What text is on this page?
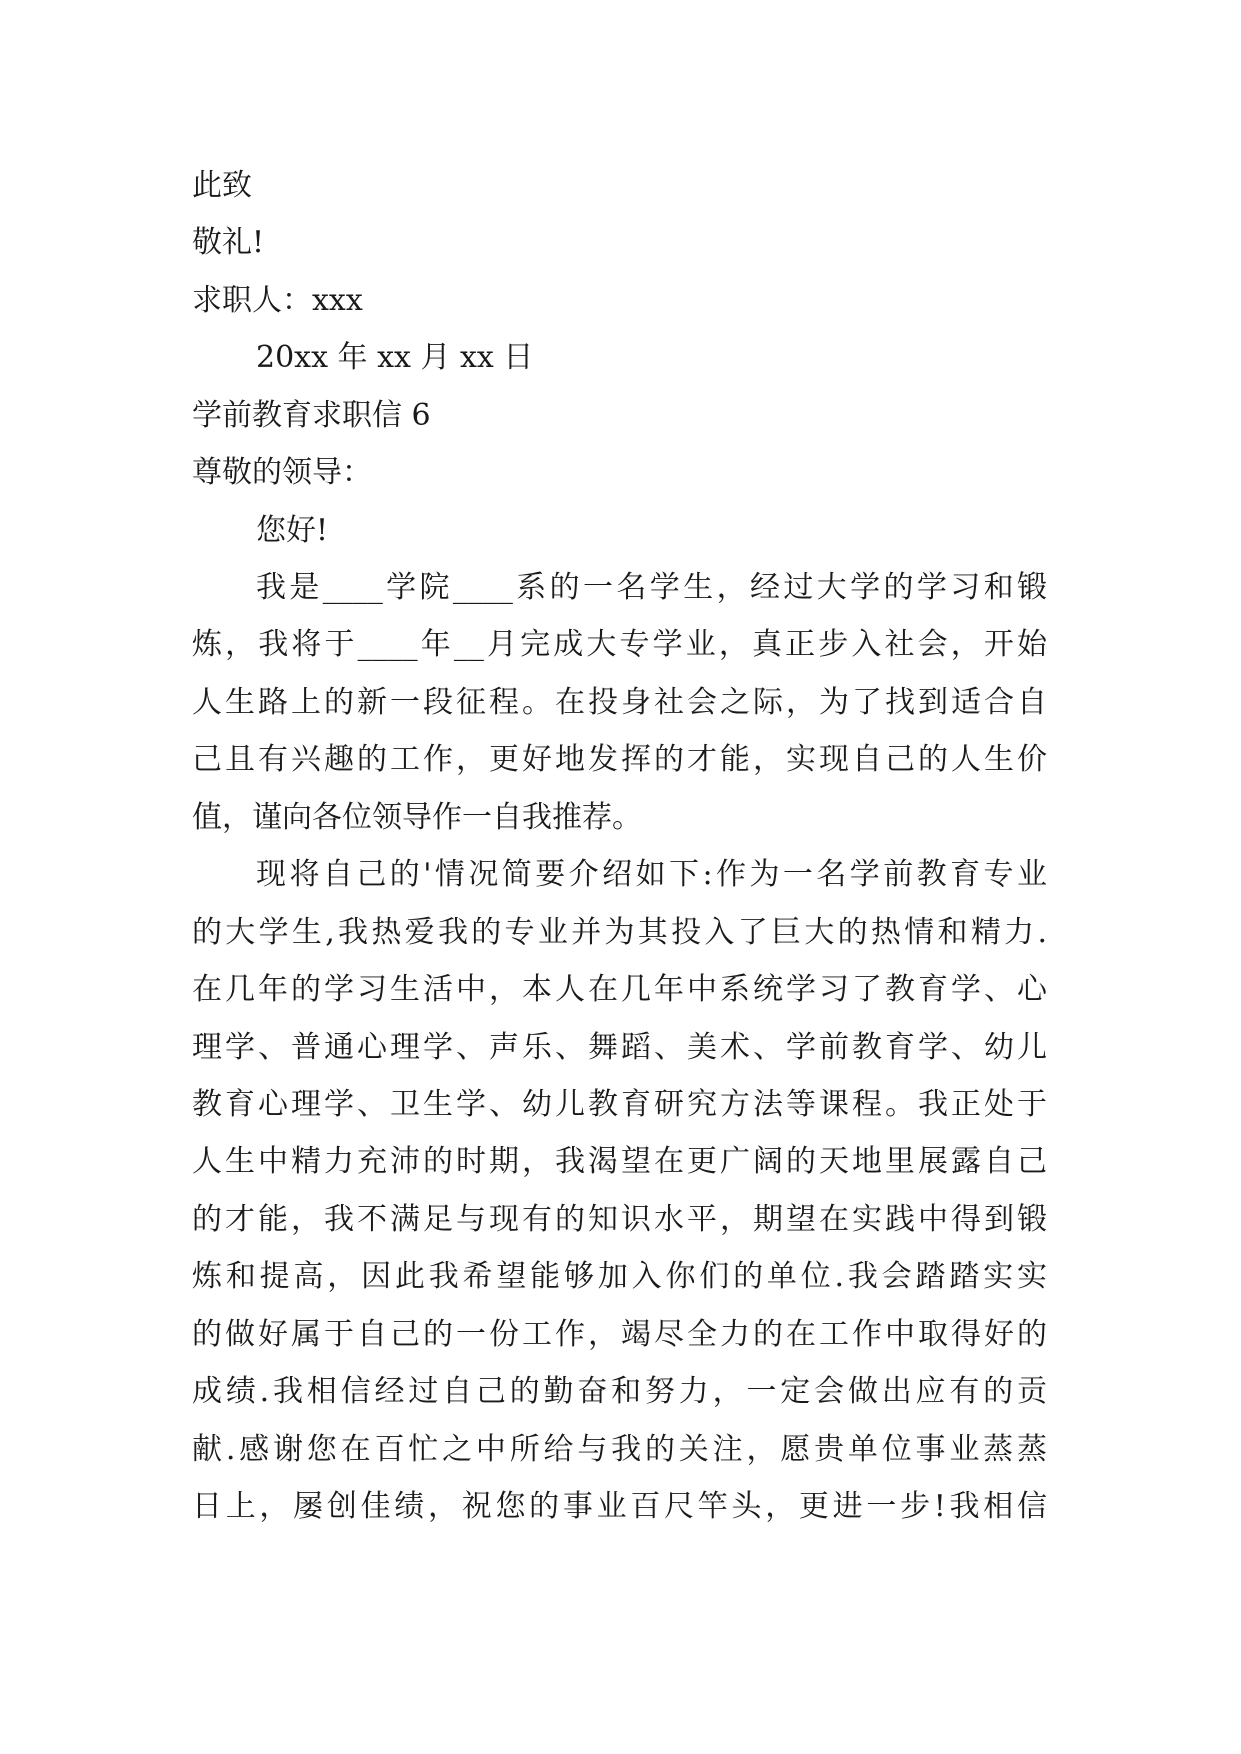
此致

敬礼!

求职人：xxx

20xx 年 xx 月 xx 日

学前教育求职信 6

尊敬的领导：

您好!

我是____学院____系的一名学生，经过大学的学习和锻

炼，我将于____年__月完成大专学业，真正步入社会，开始

人生路上的新一段征程。在投身社会之际，为了找到适合自

己且有兴趣的工作，更好地发挥的才能，实现自己的人生价

值，谨向各位领导作一自我推荐。

现将自己的'情况简要介绍如下:作为一名学前教育专业

的大学生,我热爱我的专业并为其投入了巨大的热情和精力.

在几年的学习生活中，本人在几年中系统学习了教育学、心

理学、普通心理学、声乐、舞蹈、美术、学前教育学、幼儿

教育心理学、卫生学、幼儿教育研究方法等课程。我正处于

人生中精力充沛的时期，我渴望在更广阔的天地里展露自己

的才能，我不满足与现有的知识水平，期望在实践中得到锻

炼和提高，因此我希望能够加入你们的单位.我会踏踏实实

的做好属于自己的一份工作，竭尽全力的在工作中取得好的

成绩.我相信经过自己的勤奋和努力，一定会做出应有的贡

献.感谢您在百忙之中所给与我的关注，愿贵单位事业蒸蒸

日上，屡创佳绩，祝您的事业百尺竿头，更进一步!我相信
